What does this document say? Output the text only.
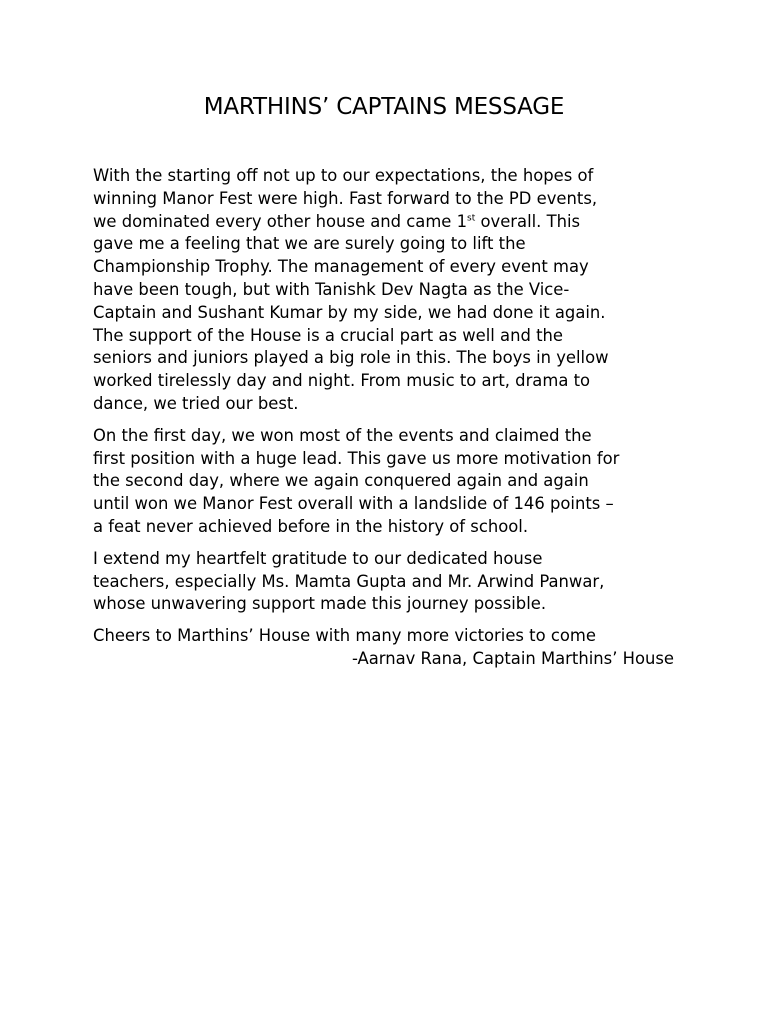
MARTHINS’ CAPTAINS MESSAGE

With the starting off not up to our expectations, the hopes of
winning Manor Fest were high. Fast forward to the PD events,
we dominated every other house and came 1st overall. This
gave me a feeling that we are surely going to lift the
Championship Trophy. The management of every event may
have been tough, but with Tanishk Dev Nagta as the Vice-
Captain and Sushant Kumar by my side, we had done it again.
The support of the House is a crucial part as well and the
seniors and juniors played a big role in this. The boys in yellow
worked tirelessly day and night. From music to art, drama to
dance, we tried our best.

On the first day, we won most of the events and claimed the
first position with a huge lead. This gave us more motivation for
the second day, where we again conquered again and again
until won we Manor Fest overall with a landslide of 146 points –
a feat never achieved before in the history of school.

I extend my heartfelt gratitude to our dedicated house
teachers, especially Ms. Mamta Gupta and Mr. Arwind Panwar,
whose unwavering support made this journey possible.

Cheers to Marthins’ House with many more victories to come

-Aarnav Rana, Captain Marthins’ House
